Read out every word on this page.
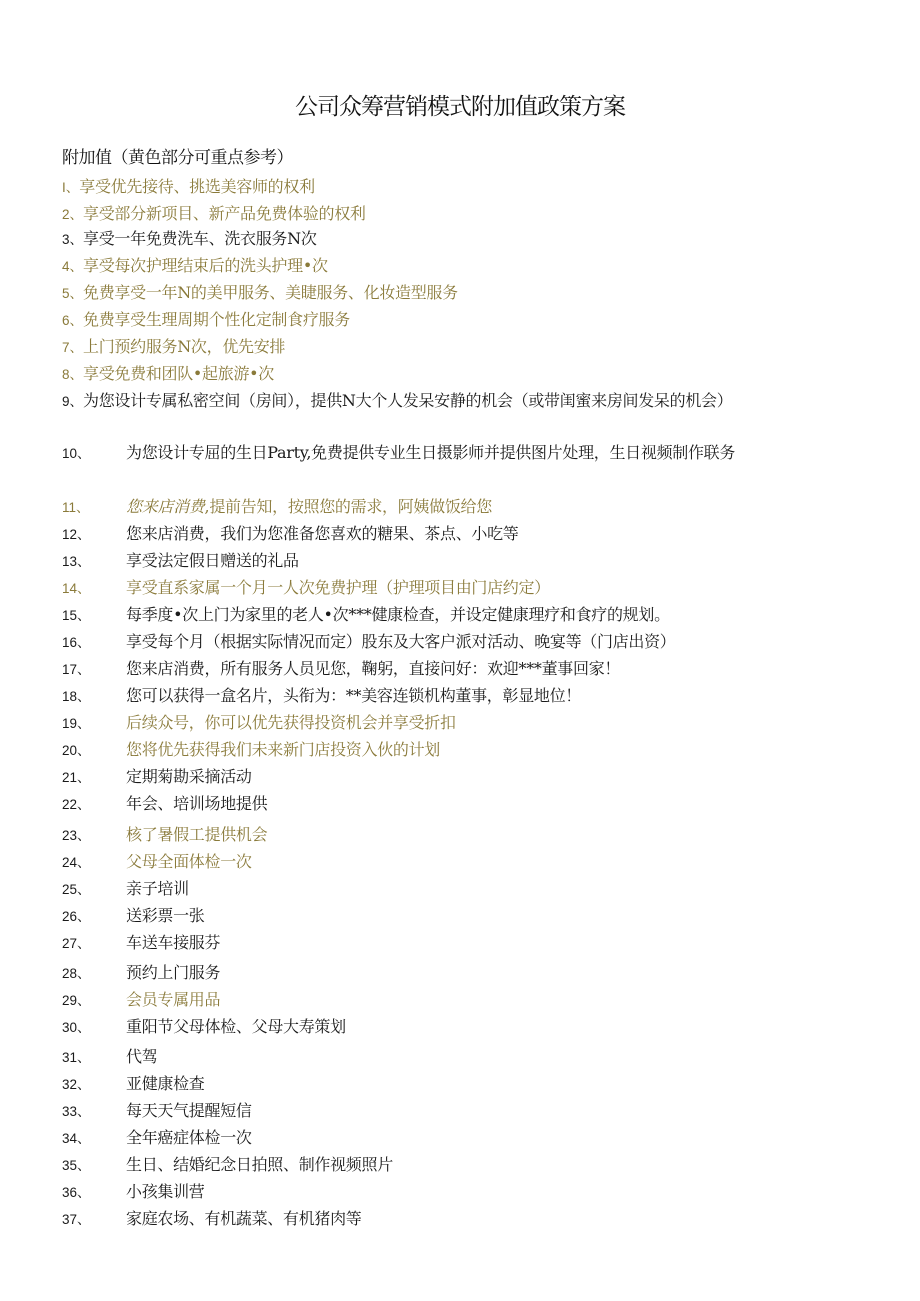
公司众筹营销模式附加值政策方案
附加值（黄色部分可重点参考）
I、享受优先接待、挑选美容师的权利
2、享受部分新项目、新产品免费体验的权利
3、享受一年免费洗车、洗衣服务N次
4、享受每次护理结束后的洗头护理•次
5、免费享受一年N的美甲服务、美睫服务、化妆造型服务
6、免费享受生理周期个性化定制食疗服务
7、上门预约服务N次，优先安排
8、享受免费和团队•起旅游•次
9、为您设计专属私密空间（房间），提供N大个人发呆安静的机会（或带闺蜜来房间发呆的机会）
10、 为您设计专屈的生日Party,免费提供专业生日摄影师并提供图片处理，生日视频制作联务
11、 您来店消费,提前告知，按照您的需求，阿姨做饭给您
12、 您来店消费，我们为您准备您喜欢的糖果、茶点、小吃等
13、 享受法定假日赠送的礼品
14、 享受直系家属一个月一人次免费护理（护理项目由门店约定）
15、 每季度•次上门为家里的老人•次***健康检查，并设定健康理疗和食疗的规划。
16、 享受每个月（根据实际情况而定）股东及大客户派对活动、晚宴等（门店出资）
17、 您来店消费，所有服务人员见您，鞠躬，直接问好：欢迎***董事回家！
18、 您可以获得一盒名片，头衔为：**美容连锁机构董事，彰显地位！
19、 后续众号，你可以优先获得投资机会并享受折扣
20、 您将优先获得我们未来新门店投资入伙的计划
21、 定期菊勘采摘活动
22、 年会、培训场地提供
23、 核了暑假工提供机会
24、 父母全面体检一次
25、 亲子培训
26、 送彩票一张
27、 车送车接服芬
28、 预约上门服务
29、 会员专属用品
30、 重阳节父母体检、父母大寿策划
31、 代驾
32、 亚健康检查
33、 每天天气提醒短信
34、 全年癌症体检一次
35、 生日、结婚纪念日拍照、制作视频照片
36、 小孩集训营
37、 家庭农场、有机蔬菜、有机猪肉等
